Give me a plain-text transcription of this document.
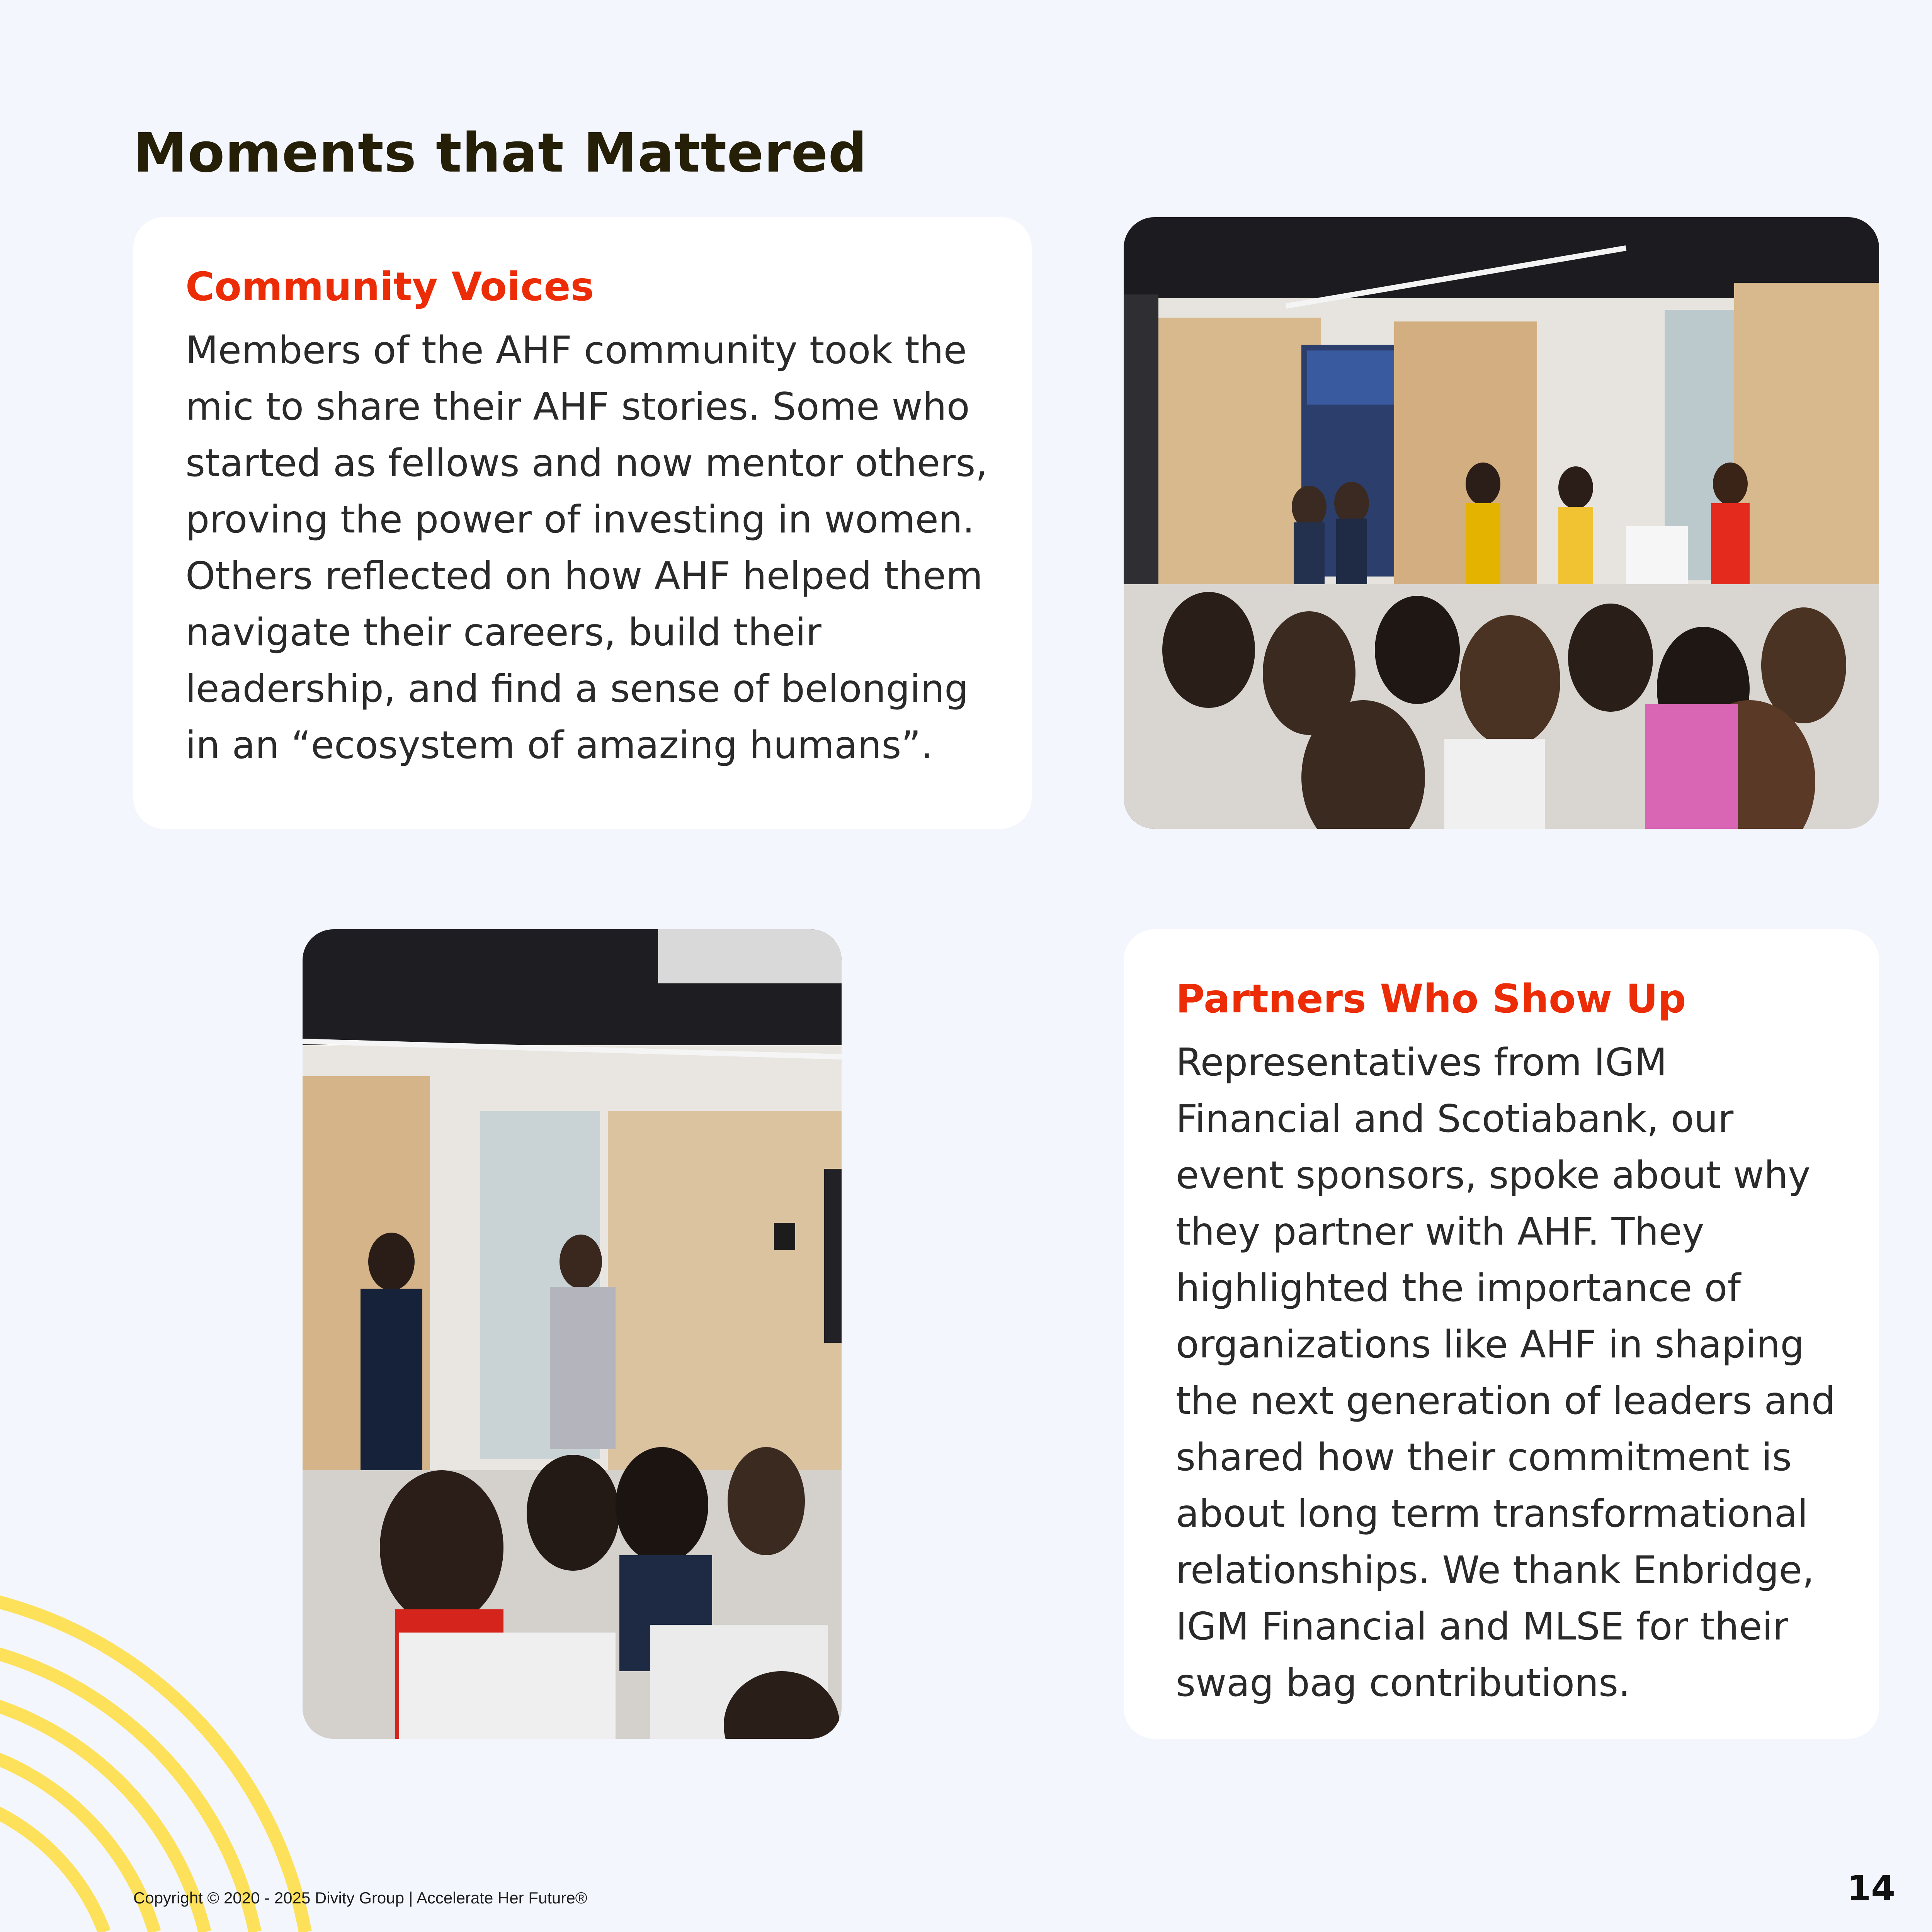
Moments that Mattered
Community Voices

Members of the AHF community took the mic to share their AHF stories. Some who started as fellows and now mentor others, proving the power of investing in women. Others reflected on how AHF helped them navigate their careers, build their leadership, and find a sense of belonging in an “ecosystem of amazing humans”.

Partners Who Show Up

Representatives from IGM Financial and Scotiabank, our event sponsors, spoke about why they partner with AHF. They highlighted the importance of organizations like AHF in shaping the next generation of leaders and shared how their commitment is about long term transformational relationships. We thank Enbridge, IGM Financial and MLSE for their swag bag contributions.

Copyright © 2020 - 2025 Divity Group | Accelerate Her Future®	14
